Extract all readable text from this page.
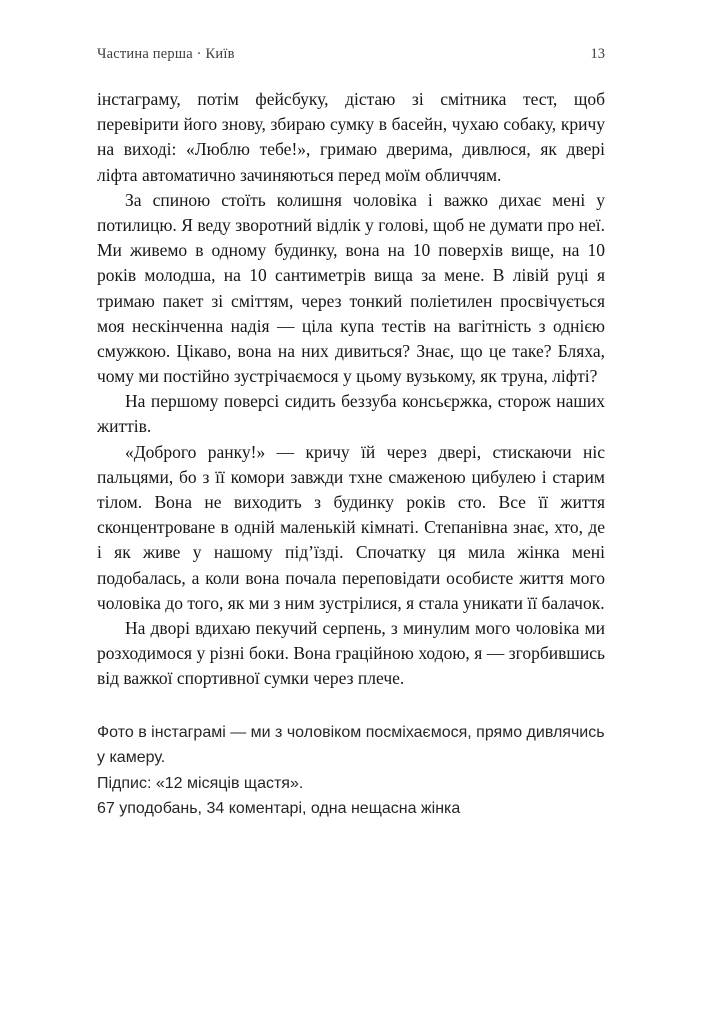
Частина перша · Київ	13

інстаграму, потім фейсбуку, дістаю зі смітника тест, щоб перевірити його знову, збираю сумку в басейн, чухаю собаку, кричу на виході: «Люблю тебе!», гримаю дверима, дивлюся, як двері ліфта автоматично зачиняються перед моїм обличчям.

За спиною стоїть колишня чоловіка і важко дихає мені у потилицю. Я веду зворотний відлік у голові, щоб не думати про неї. Ми живемо в одному будинку, вона на 10 поверхів вище, на 10 років молодша, на 10 сантиметрів вища за мене. В лівій руці я тримаю пакет зі сміттям, через тонкий поліетилен просвічується моя нескінченна надія — ціла купа тестів на вагітність з однією смужкою. Цікаво, вона на них дивиться? Знає, що це таке? Бляха, чому ми постійно зустрічаємося у цьому вузькому, як труна, ліфті?

На першому поверсі сидить беззуба консьєржка, сторож наших життів.

«Доброго ранку!» — кричу їй через двері, стискаючи ніс пальцями, бо з її комори завжди тхне смаженою цибулею і старим тілом. Вона не виходить з будинку років сто. Все її життя сконцентроване в одній маленькій кімнаті. Степанівна знає, хто, де і як живе у нашому під’їзді. Спочатку ця мила жінка мені подобалась, а коли вона почала переповідати особисте життя мого чоловіка до того, як ми з ним зустрілися, я стала уникати її балачок.

На дворі вдихаю пекучий серпень, з минулим мого чоловіка ми розходимося у різні боки. Вона граційною ходою, я — згорбившись від важкої спортивної сумки через плече.

Фото в інстаграмі — ми з чоловіком посміхаємося, прямо дивлячись у камеру.

Підпис: «12 місяців щастя».

67 уподобань, 34 коментарі, одна нещасна жінка
